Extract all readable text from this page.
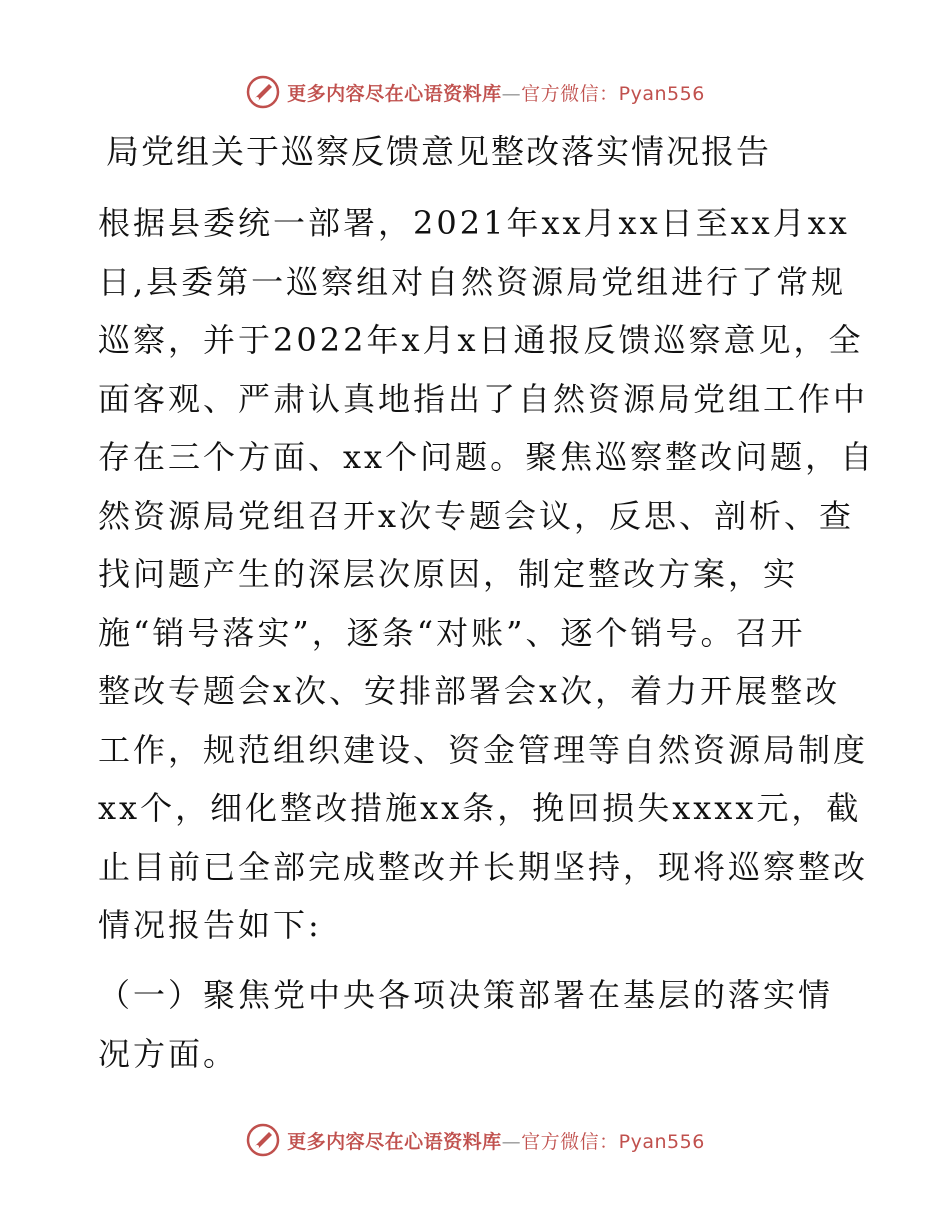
更多内容尽在心语资料库—官方微信：Pyan556
局党组关于巡察反馈意见整改落实情况报告
根据县委统一部署，2021年xx月xx日至xx月xx
日,县委第一巡察组对自然资源局党组进行了常规
巡察，并于2022年x月x日通报反馈巡察意见，全
面客观、严肃认真地指出了自然资源局党组工作中
存在三个方面、xx个问题。聚焦巡察整改问题，自
然资源局党组召开x次专题会议，反思、剖析、查
找问题产生的深层次原因，制定整改方案，实
施“销号落实”，逐条“对账”、逐个销号。召开
整改专题会x次、安排部署会x次，着力开展整改
工作，规范组织建设、资金管理等自然资源局制度
xx个，细化整改措施xx条，挽回损失xxxx元，截
止目前已全部完成整改并长期坚持，现将巡察整改
情况报告如下:
（一）聚焦党中央各项决策部署在基层的落实情
况方面。
更多内容尽在心语资料库—官方微信：Pyan556
